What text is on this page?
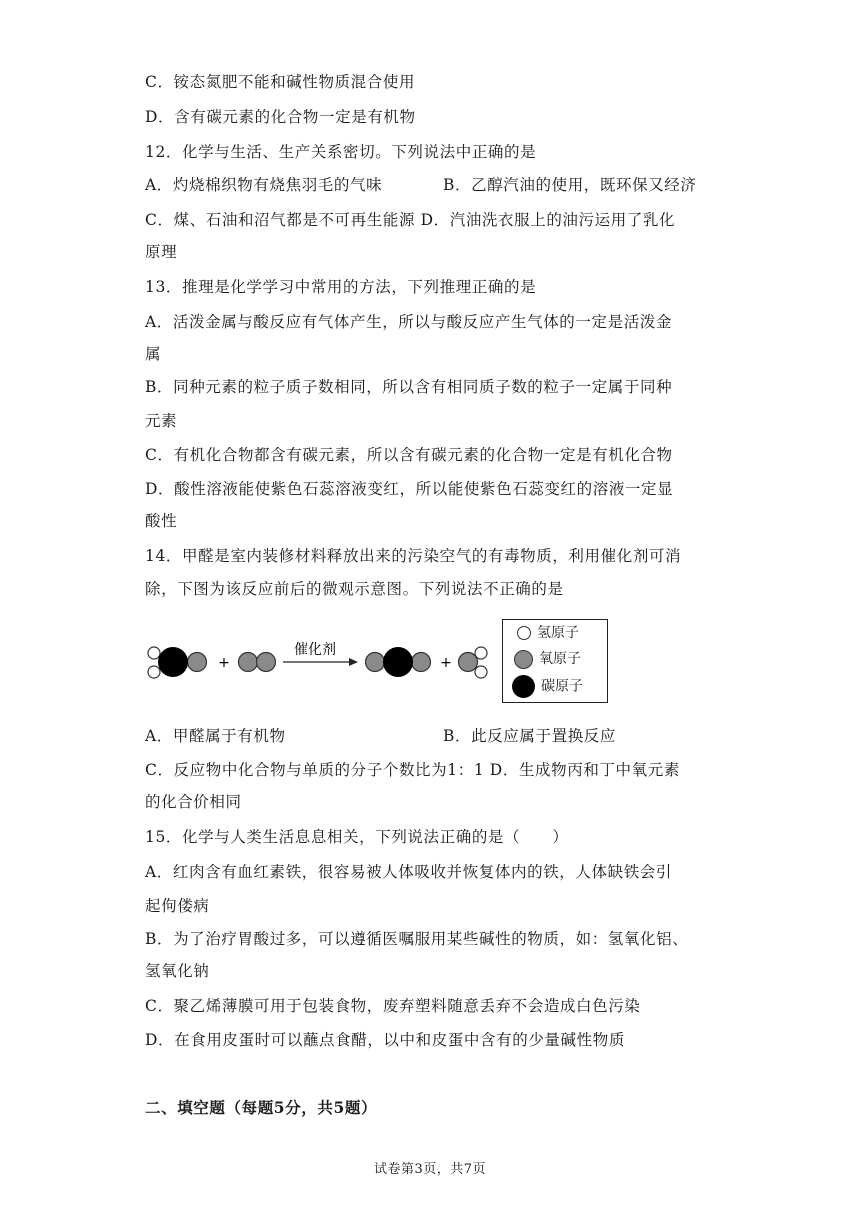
C．铵态氮肥不能和碱性物质混合使用
D．含有碳元素的化合物一定是有机物
12．化学与生活、生产关系密切。下列说法中正确的是
A．灼烧棉织物有烧焦羽毛的气味	B．乙醇汽油的使用，既环保又经济
C．煤、石油和沼气都是不可再生能源 D．汽油洗衣服上的油污运用了乳化
原理
13．推理是化学学习中常用的方法，下列推理正确的是
A．活泼金属与酸反应有气体产生，所以与酸反应产生气体的一定是活泼金
属
B．同种元素的粒子质子数相同，所以含有相同质子数的粒子一定属于同种
元素
C．有机化合物都含有碳元素，所以含有碳元素的化合物一定是有机化合物
D．酸性溶液能使紫色石蕊溶液变红，所以能使紫色石蕊变红的溶液一定显
酸性
14．甲醛是室内装修材料释放出来的污染空气的有毒物质，利用催化剂可消
除，下图为该反应前后的微观示意图。下列说法不正确的是
+
催化剂
+
氢原子
氧原子
碳原子
A．甲醛属于有机物	B．此反应属于置换反应
C．反应物中化合物与单质的分子个数比为1：1 D．生成物丙和丁中氧元素
的化合价相同
15．化学与人类生活息息相关，下列说法正确的是（　　）
A．红肉含有血红素铁，很容易被人体吸收并恢复体内的铁，人体缺铁会引
起佝偻病
B．为了治疗胃酸过多，可以遵循医嘱服用某些碱性的物质，如：氢氧化铝、
氢氧化钠
C．聚乙烯薄膜可用于包装食物，废弃塑料随意丢弃不会造成白色污染
D．在食用皮蛋时可以蘸点食醋，以中和皮蛋中含有的少量碱性物质
二、填空题（每题5分，共5题）
试卷第3页，共7页
